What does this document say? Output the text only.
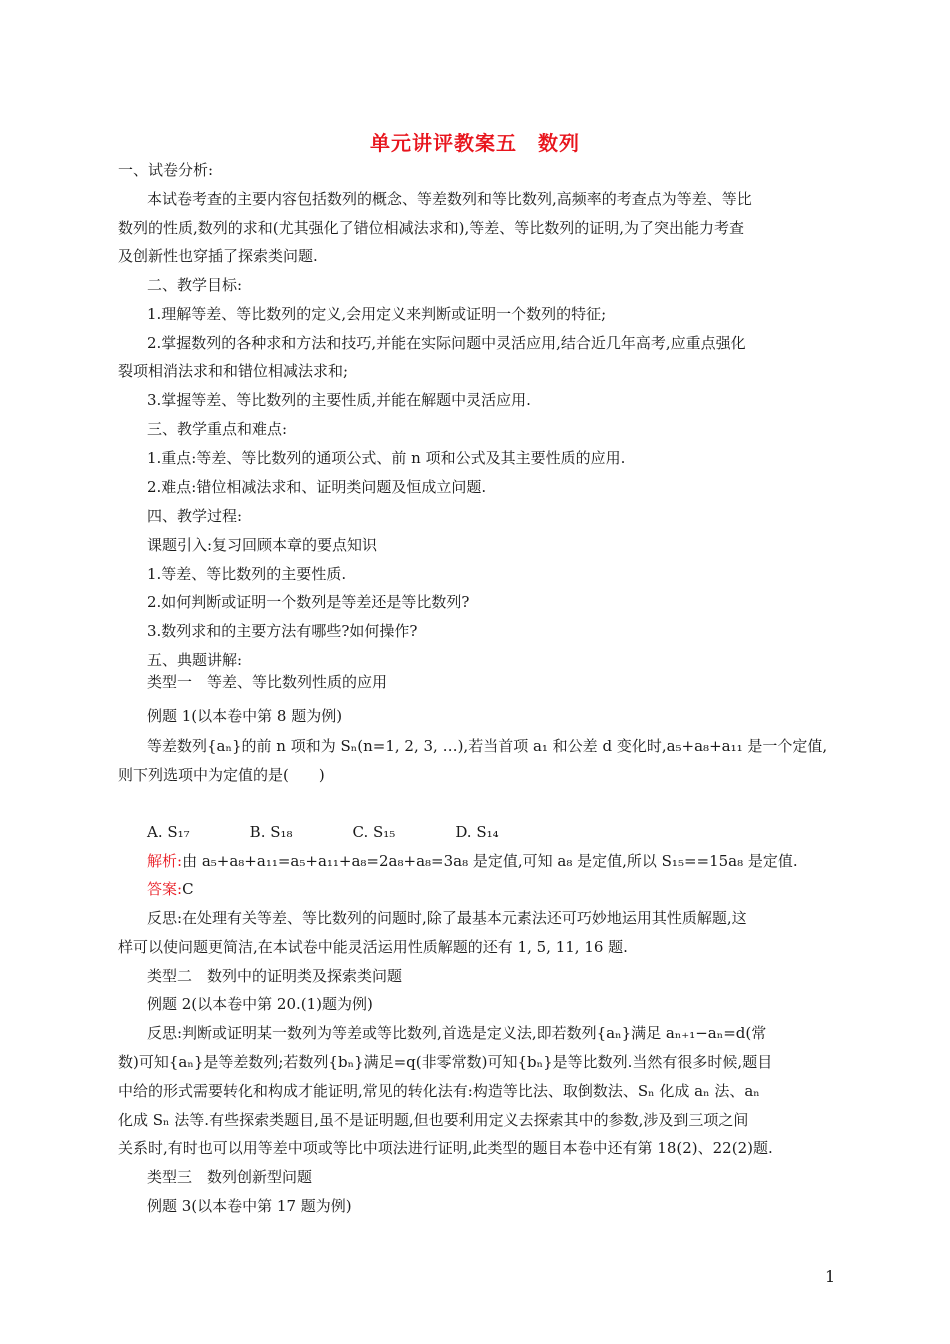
单元讲评教案五　数列
一、试卷分析:
本试卷考查的主要内容包括数列的概念、等差数列和等比数列,高频率的考查点为等差、等比
数列的性质,数列的求和(尤其强化了错位相减法求和),等差、等比数列的证明,为了突出能力考查
及创新性也穿插了探索类问题.
二、教学目标:
1.理解等差、等比数列的定义,会用定义来判断或证明一个数列的特征;
2.掌握数列的各种求和方法和技巧,并能在实际问题中灵活应用,结合近几年高考,应重点强化
裂项相消法求和和错位相减法求和;
3.掌握等差、等比数列的主要性质,并能在解题中灵活应用.
三、教学重点和难点:
1.重点:等差、等比数列的通项公式、前 n 项和公式及其主要性质的应用.
2.难点:错位相减法求和、证明类问题及恒成立问题.
四、教学过程:
课题引入:复习回顾本章的要点知识
1.等差、等比数列的主要性质.
2.如何判断或证明一个数列是等差还是等比数列?
3.数列求和的主要方法有哪些?如何操作?
五、典题讲解:
类型一　等差、等比数列性质的应用
例题 1(以本卷中第 8 题为例)
等差数列{aₙ}的前 n 项和为 Sₙ(n=1, 2, 3, …),若当首项 a₁ 和公差 d 变化时,a₅+a₈+a₁₁ 是一个定值,
则下列选项中为定值的是(　　)
A. S₁₇　　　　B. S₁₈　　　　C. S₁₅　　　　D. S₁₄
解析:由 a₅+a₈+a₁₁=a₅+a₁₁+a₈=2a₈+a₈=3a₈ 是定值,可知 a₈ 是定值,所以 S₁₅==15a₈ 是定值.
答案:C
反思:在处理有关等差、等比数列的问题时,除了最基本元素法还可巧妙地运用其性质解题,这
样可以使问题更简洁,在本试卷中能灵活运用性质解题的还有 1, 5, 11, 16 题.
类型二　数列中的证明类及探索类问题
例题 2(以本卷中第 20.(1)题为例)
反思:判断或证明某一数列为等差或等比数列,首选是定义法,即若数列{aₙ}满足 aₙ₊₁−aₙ=d(常
数)可知{aₙ}是等差数列;若数列{bₙ}满足=q(非零常数)可知{bₙ}是等比数列.当然有很多时候,题目
中给的形式需要转化和构成才能证明,常见的转化法有:构造等比法、取倒数法、Sₙ 化成 aₙ 法、aₙ
化成 Sₙ 法等.有些探索类题目,虽不是证明题,但也要利用定义去探索其中的参数,涉及到三项之间
关系时,有时也可以用等差中项或等比中项法进行证明,此类型的题目本卷中还有第 18(2)、22(2)题.
类型三　数列创新型问题
例题 3(以本卷中第 17 题为例)
1
